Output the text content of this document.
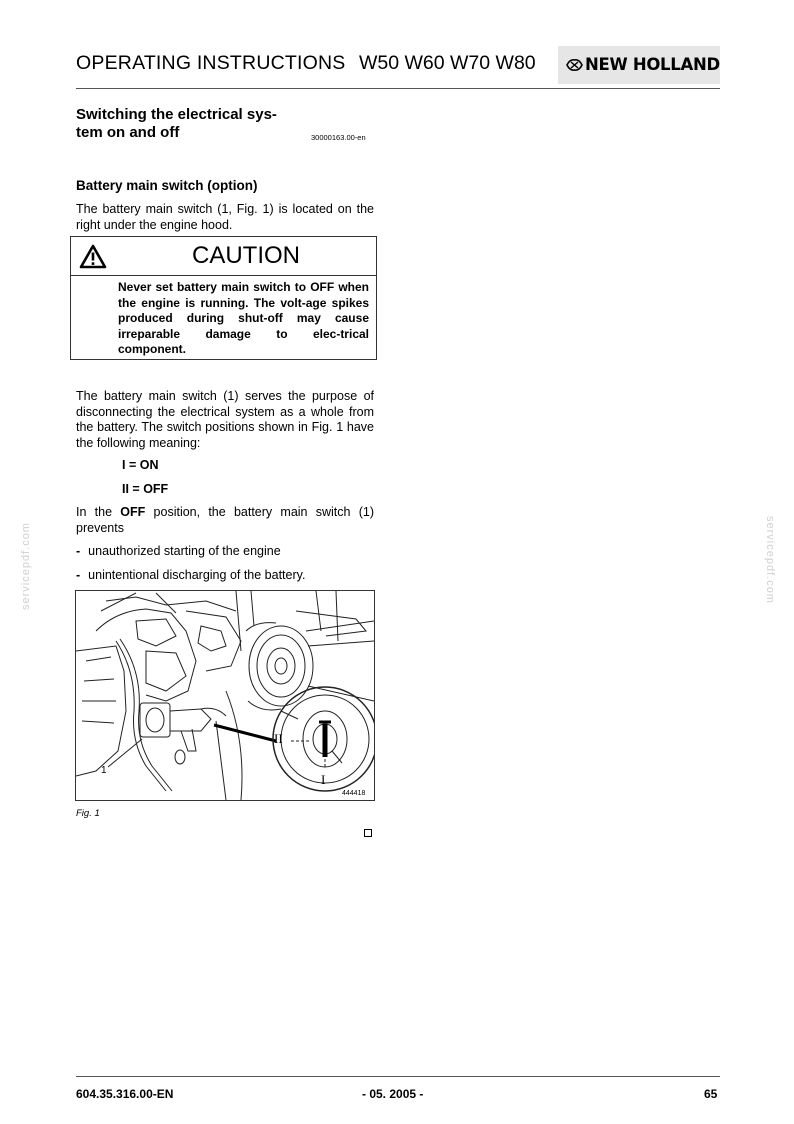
OPERATING INSTRUCTIONS W50 W60 W70 W80	NEW HOLLAND
Switching the electrical sys-
tem on and off	30000163.00-en
Battery main switch (option)
The battery main switch (1, Fig. 1) is located on the right under the engine hood.
CAUTION
Never set battery main switch to OFF when the engine is running. The volt-age spikes produced during shut-off may cause irreparable damage to elec-trical component.
The battery main switch (1) serves the purpose of disconnecting the electrical system as a whole from the battery. The switch positions shown in Fig. 1 have the following meaning:
I = ON
II = OFF
In the OFF position, the battery main switch (1) prevents
- unauthorized starting of the engine
- unintentional discharging of the battery.
1
II
I
444418
Fig. 1
servicepdf.com	servicepdf.com
604.35.316.00-EN	- 05. 2005 -	65
